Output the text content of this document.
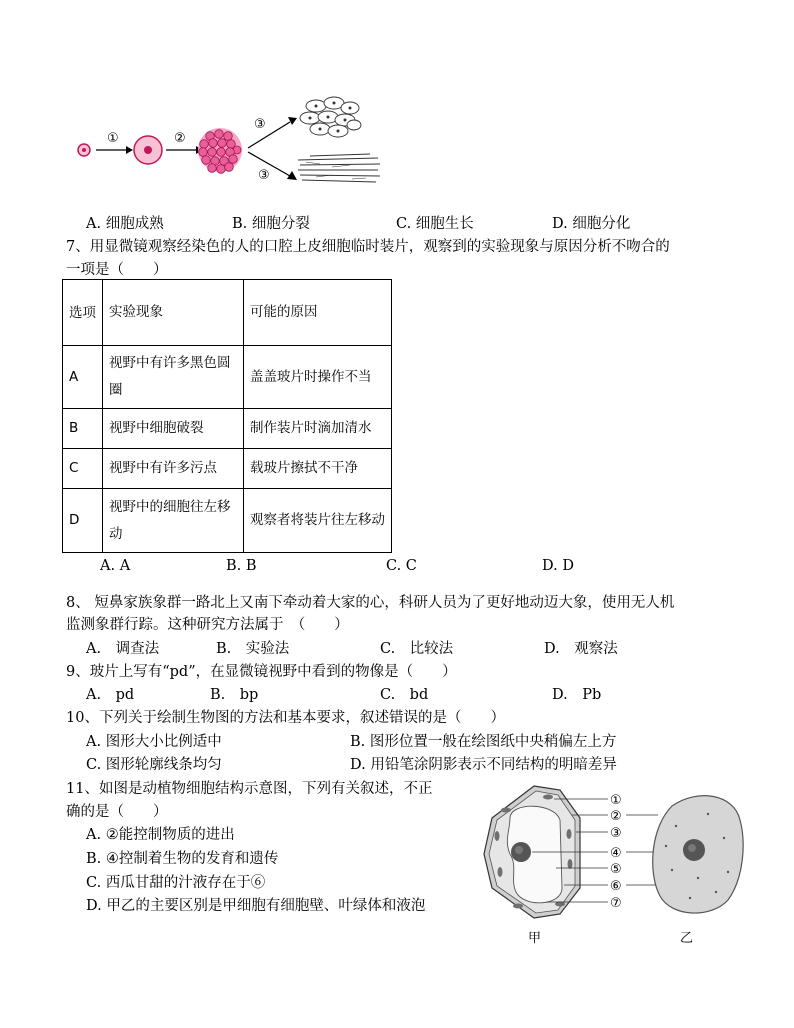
①	②
③
③
A. 细胞成熟	B. 细胞分裂	C. 细胞生长	D. 细胞分化
7、用显微镜观察经染色的人的口腔上皮细胞临时装片，观察到的实验现象与原因分析不吻合的
一项是（　　）
选项	实验现象	可能的原因
A	视野中有许多黑色圆圈	盖盖玻片时操作不当
B	视野中细胞破裂	制作装片时滴加清水
C	视野中有许多污点	载玻片擦拭不干净
D	视野中的细胞往左移动	观察者将装片往左移动
A. A	B. B	C. C	D. D
8、 短鼻家族象群一路北上又南下牵动着大家的心，科研人员为了更好地动迈大象，使用无人机
监测象群行踪。这种研究方法属于　（　　）
A.　调查法	B.　实验法	C.　比较法	D.　观察法
9、玻片上写有“pd”，在显微镜视野中看到的物像是（　　）
A.　pd	B.　bp	C.　bd	D.　Pb
10、下列关于绘制生物图的方法和基本要求，叙述错误的是（　　）
A. 图形大小比例适中	B. 图形位置一般在绘图纸中央稍偏左上方
C. 图形轮廓线条均匀	D. 用铅笔涂阴影表示不同结构的明暗差异
11、如图是动植物细胞结构示意图，下列有关叙述，不正
确的是（　　）
A. ②能控制物质的进出
B. ④控制着生物的发育和遗传
C. 西瓜甘甜的汁液存在于⑥
D. 甲乙的主要区别是甲细胞有细胞壁、叶绿体和液泡
①
②
③
④
⑤
⑥
⑦
甲	乙
